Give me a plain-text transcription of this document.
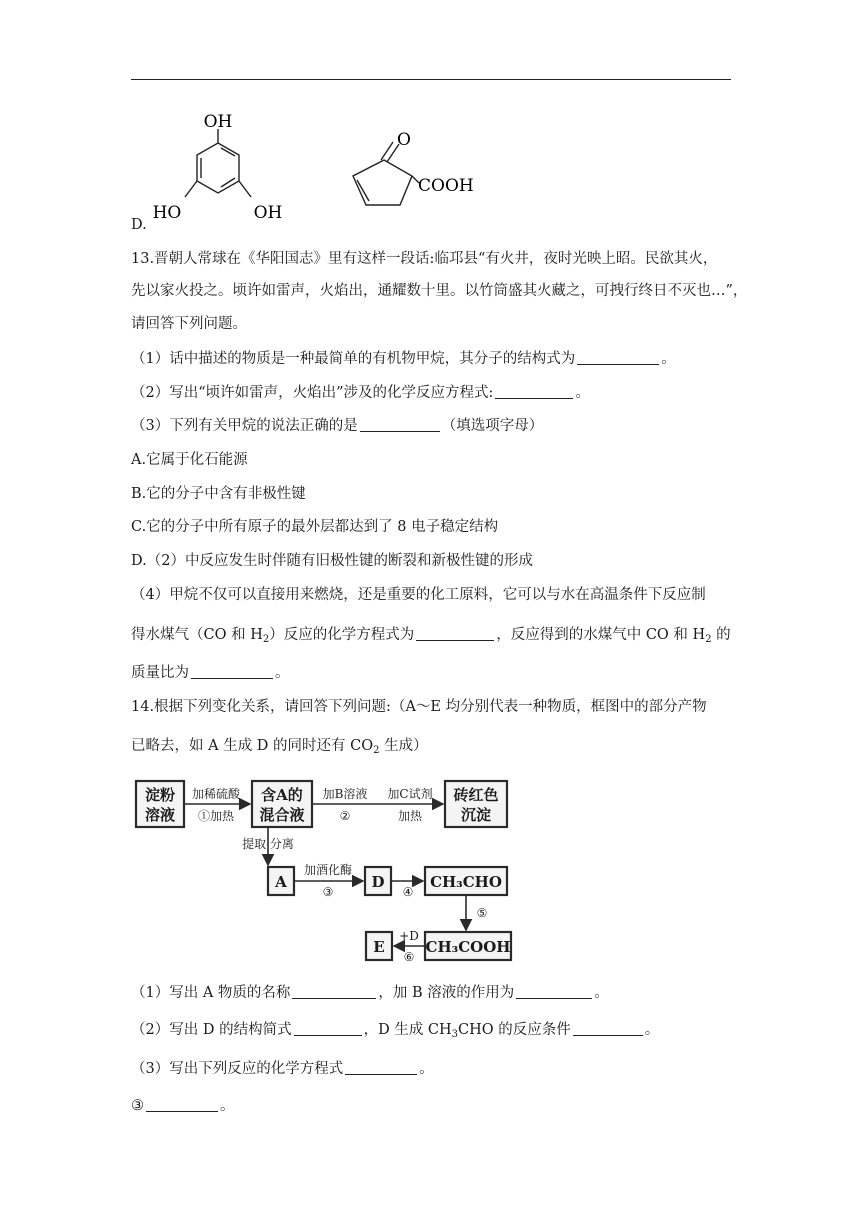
OH
HO	OH
O
COOH
D.
13.晋朝人常球在《华阳国志》里有这样一段话:临邛县“有火井，夜时光映上昭。民欲其火，
先以家火投之。顷许如雷声，火焰出，通耀数十里。以竹筒盛其火藏之，可拽行终日不灭也…”，
请回答下列问题。
（1）话中描述的物质是一种最简单的有机物甲烷，其分子的结构式为	。
（2）写出“顷许如雷声，火焰出”涉及的化学反应方程式:	。
（3）下列有关甲烷的说法正确的是	（填选项字母）
A.它属于化石能源
B.它的分子中含有非极性键
C.它的分子中所有原子的最外层都达到了 8 电子稳定结构
D.（2）中反应发生时伴随有旧极性键的断裂和新极性键的形成
（4）甲烷不仅可以直接用来燃烧，还是重要的化工原料，它可以与水在高温条件下反应制
得水煤气（CO 和 $H_2$）反应的化学方程式为	，反应得到的水煤气中 CO 和 $H_2$ 的
质量比为	。
14.根据下列变化关系，请回答下列问题:（A～E 均分别代表一种物质，框图中的部分产物
已略去，如 A 生成 D 的同时还有 $CO_2$ 生成）
淀粉
溶液
加稀硫酸
①加热
含A的
混合液
加B溶液
②
加C试剂
加热
砖红色
沉淀
提取 分离
A
加酒化酶
③
D
④
CH₃CHO
⑤
CH₃COOH
+D
⑥
E
（1）写出 A 物质的名称	，加 B 溶液的作用为	。
（2）写出 D 的结构简式	，D 生成 $CH_3CHO$ 的反应条件	。
（3）写出下列反应的化学方程式	。
③	。
